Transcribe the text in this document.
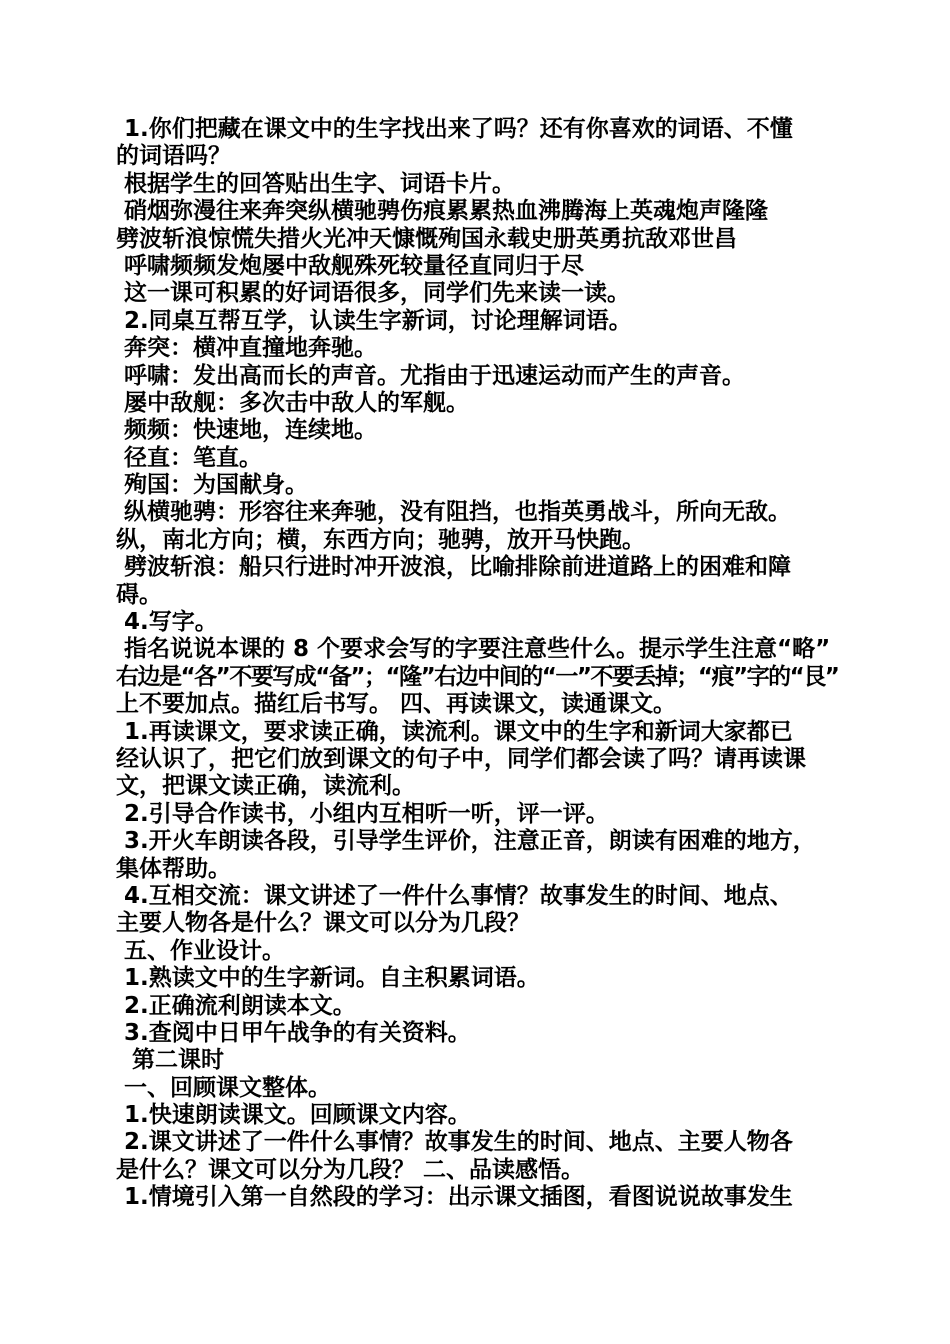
1.你们把藏在课文中的生字找出来了吗？还有你喜欢的词语、不懂
的词语吗？
根据学生的回答贴出生字、词语卡片。
硝烟弥漫往来奔突纵横驰骋伤痕累累热血沸腾海上英魂炮声隆隆
劈波斩浪惊慌失措火光冲天慷慨殉国永载史册英勇抗敌邓世昌
呼啸频频发炮屡中敌舰殊死较量径直同归于尽
这一课可积累的好词语很多，同学们先来读一读。
2.同桌互帮互学，认读生字新词，讨论理解词语。
奔突：横冲直撞地奔驰。
呼啸：发出高而长的声音。尤指由于迅速运动而产生的声音。
屡中敌舰：多次击中敌人的军舰。
频频：快速地，连续地。
径直：笔直。
殉国：为国献身。
纵横驰骋：形容往来奔驰，没有阻挡，也指英勇战斗，所向无敌。
纵，南北方向；横，东西方向；驰骋，放开马快跑。
劈波斩浪：船只行进时冲开波浪，比喻排除前进道路上的困难和障
碍。
4.写字。
指名说说本课的 8 个要求会写的字要注意些什么。提示学生注意“略”
右边是“各”不要写成“备”；“隆”右边中间的“一”不要丢掉；“痕”字的“艮”
上不要加点。描红后书写。 四、再读课文，读通课文。
1.再读课文，要求读正确，读流利。课文中的生字和新词大家都已
经认识了，把它们放到课文的句子中，同学们都会读了吗？请再读课
文，把课文读正确，读流利。
2.引导合作读书，小组内互相听一听，评一评。
3.开火车朗读各段，引导学生评价，注意正音，朗读有困难的地方，
集体帮助。
4.互相交流：课文讲述了一件什么事情？故事发生的时间、地点、
主要人物各是什么？课文可以分为几段？
五、作业设计。
1.熟读文中的生字新词。自主积累词语。
2.正确流利朗读本文。
3.查阅中日甲午战争的有关资料。
第二课时
一、回顾课文整体。
1.快速朗读课文。回顾课文内容。
2.课文讲述了一件什么事情？故事发生的时间、地点、主要人物各
是什么？课文可以分为几段？ 二、品读感悟。
1.情境引入第一自然段的学习：出示课文插图，看图说说故事发生
